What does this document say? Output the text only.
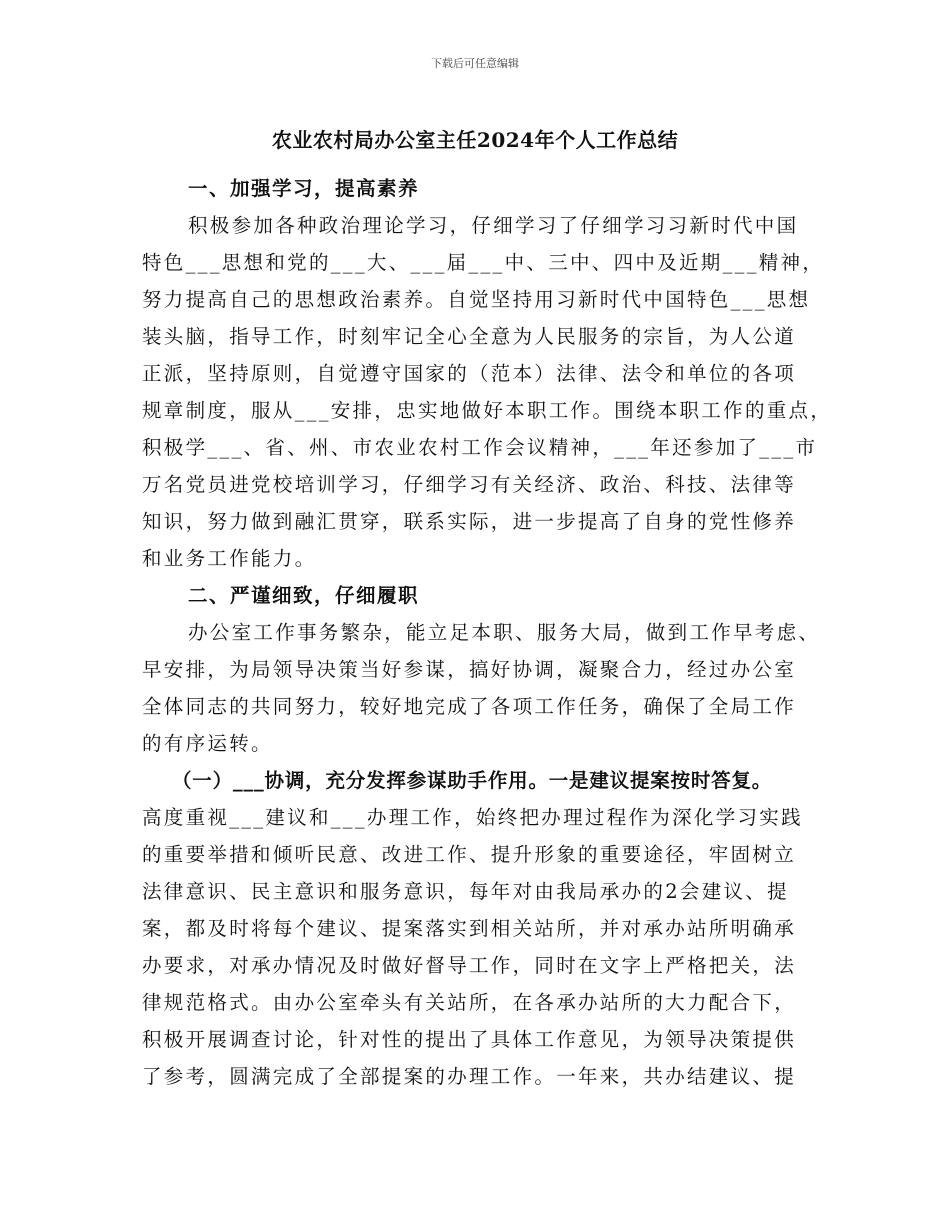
下载后可任意编辑
农业农村局办公室主任2024年个人工作总结
一、加强学习，提高素养
积极参加各种政治理论学习，仔细学习了仔细学习习新时代中国
特色___思想和党的___大、___届___中、三中、四中及近期___精神，
努力提高自己的思想政治素养。自觉坚持用习新时代中国特色___思想
装头脑，指导工作，时刻牢记全心全意为人民服务的宗旨，为人公道
正派，坚持原则，自觉遵守国家的（范本）法律、法令和单位的各项
规章制度，服从___安排，忠实地做好本职工作。围绕本职工作的重点，
积极学___、省、州、市农业农村工作会议精神，___年还参加了___市
万名党员进党校培训学习，仔细学习有关经济、政治、科技、法律等
知识，努力做到融汇贯穿，联系实际，进一步提高了自身的党性修养
和业务工作能力。
二、严谨细致，仔细履职
办公室工作事务繁杂，能立足本职、服务大局，做到工作早考虑、
早安排，为局领导决策当好参谋，搞好协调，凝聚合力，经过办公室
全体同志的共同努力，较好地完成了各项工作任务，确保了全局工作
的有序运转。
（一）___协调，充分发挥参谋助手作用。一是建议提案按时答复。
高度重视___建议和___办理工作，始终把办理过程作为深化学习实践
的重要举措和倾听民意、改进工作、提升形象的重要途径，牢固树立
法律意识、民主意识和服务意识，每年对由我局承办的2会建议、提
案，都及时将每个建议、提案落实到相关站所，并对承办站所明确承
办要求，对承办情况及时做好督导工作，同时在文字上严格把关，法
律规范格式。由办公室牵头有关站所，在各承办站所的大力配合下，
积极开展调查讨论，针对性的提出了具体工作意见，为领导决策提供
了参考，圆满完成了全部提案的办理工作。一年来，共办结建议、提
